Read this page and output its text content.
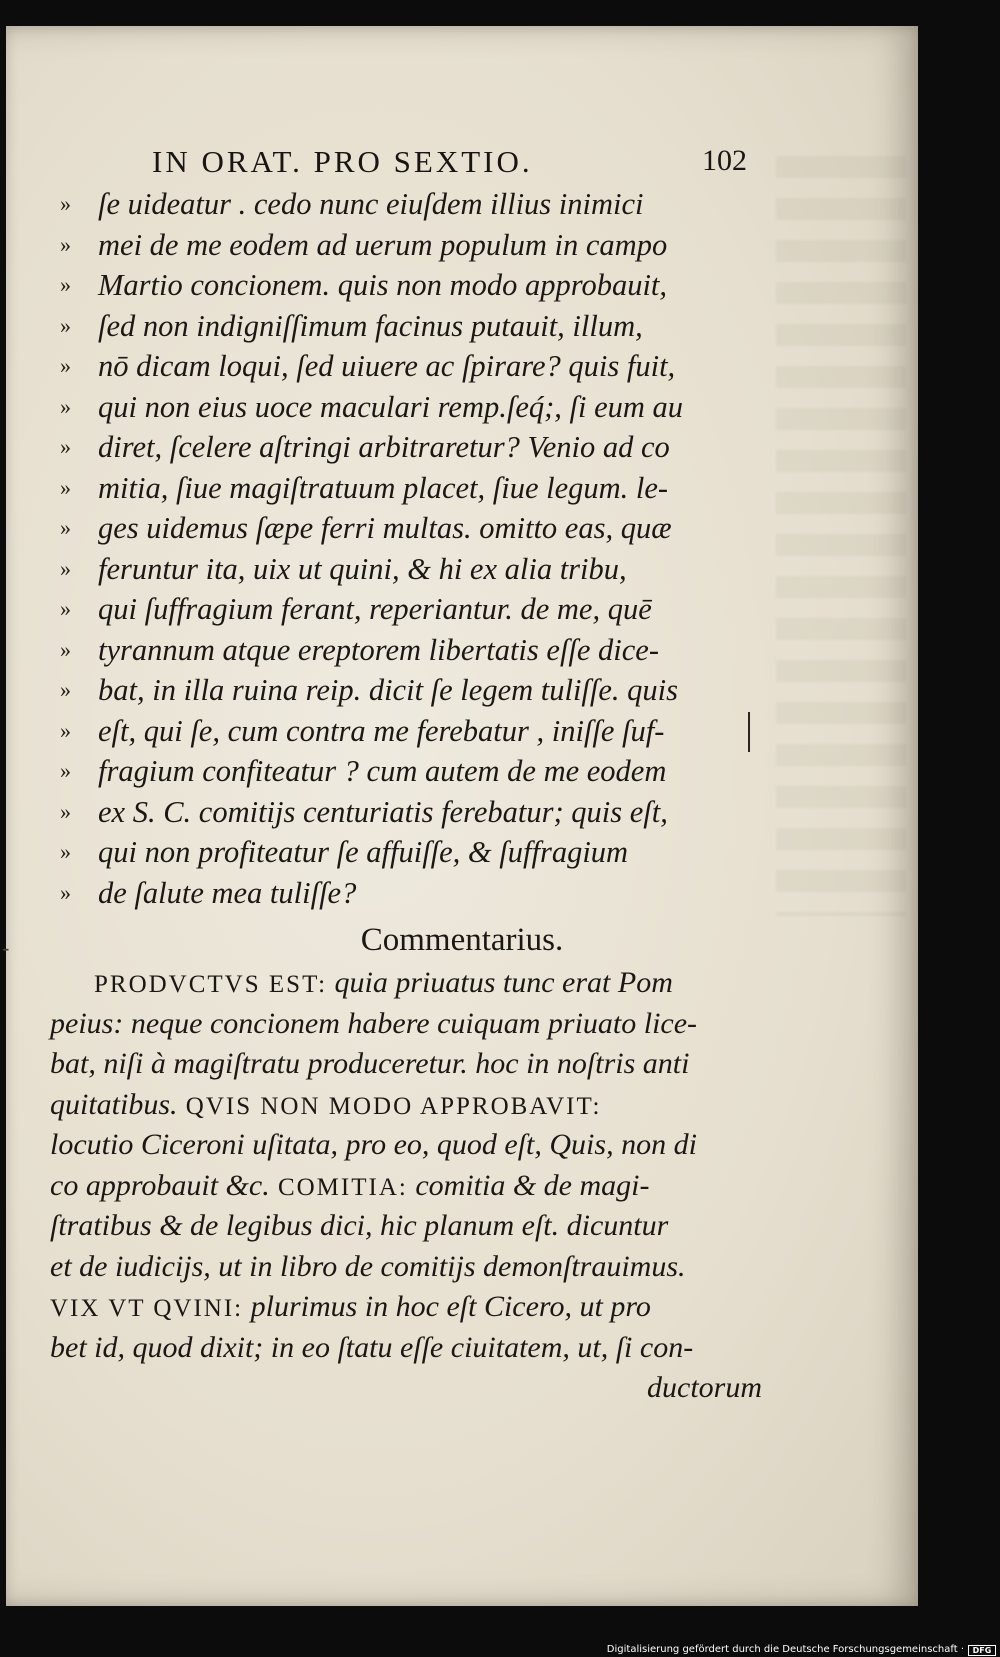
IN ORAT. PRO SEXTIO.	102
» ſe uideatur . cedo nunc eiuſdem illius inimici
» mei de me eodem ad uerum populum in campo
» Martio concionem. quis non modo approbauit,
» ſed non indigniſſimum facinus putauit, illum,
» nō dicam loqui, ſed uiuere ac ſpirare? quis fuit,
» qui non eius uoce maculari remp.ſeq́;, ſi eum au
» diret, ſcelere aſtringi arbitraretur? Venio ad co
» mitia, ſiue magiſtratuum placet, ſiue legum. le-
» ges uidemus ſæpe ferri multas. omitto eas, quæ
» feruntur ita, uix ut quini, & hi ex alia tribu,
» qui ſuffragium ferant, reperiantur. de me, quē
» tyrannum atque ereptorem libertatis eſſe dice-
» bat, in illa ruina reip. dicit ſe legem tuliſſe. quis
» eſt, qui ſe, cum contra me ferebatur , iniſſe ſuf-
» fragium confiteatur ? cum autem de me eodem
» ex S. C. comitijs centuriatis ferebatur; quis eſt,
» qui non profiteatur ſe affuiſſe, & ſuffragium
» de ſalute mea tuliſſe?
-	Commentarius.
PRODVCTVS EST: quia priuatus tunc erat Pom
peius: neque concionem habere cuiquam priuato lice-
bat, niſi à magiſtratu produceretur. hoc in noſtris anti
quitatibus. QVIS NON MODO APPROBAVIT:
locutio Ciceroni uſitata, pro eo, quod eſt, Quis, non di
co approbauit &c. COMITIA: comitia & de magi-
ſtratibus & de legibus dici, hic planum eſt. dicuntur
et de iudicijs, ut in libro de comitijs demonſtrauimus.
VIX VT QVINI: plurimus in hoc eſt Cicero, ut pro
bet id, quod dixit; in eo ſtatu eſſe ciuitatem, ut, ſi con-
ductorum
Digitalisierung gefördert durch die Deutsche Forschungsgemeinschaft ·	DFG
